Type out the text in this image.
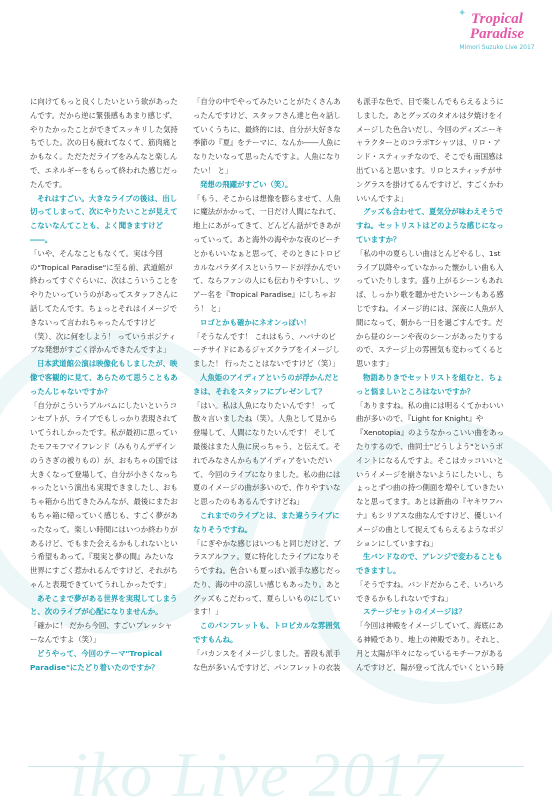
iko Live 2017
✦ Tropical Paradise
Mimori Suzuko Live 2017

に向けてもっと良くしたいという欲があったんです。だから逆に緊張感もあまり感じず、やりたかったことができてスッキリした気持ちでした。次の日も疲れてなくて、筋肉痛とかもなく。ただただライブをみんなと楽しんで、エネルギーをもらって終われた感じだったんです。

それはすごい。大きなライブの後は、出し切ってしまって、次にやりたいことが見えてこないなんてことも、よく聞きますけど――。

「いや、そんなこともなくて。実は今回の"Tropical Paradise"に至る前、武道館が終わってすぐぐらいに、次はこういうことをやりたいっていうのがあってスタッフさんに話してたんです。ちょっとそれはイメージできないって言われちゃったんですけど（笑）、次に何をしよう！ っていうポジティブな発想がすごく浮かんできたんですよ」

日本武道館公演は映像化もしましたが、映像で客観的に見て、あらためて思うこともあったんじゃないですか？

「自分がこういうアルバムにしたいというコンセプトが、ライブでもしっかり表現されていてうれしかったです。私が最初に思っていたモフモフマイフレンド（みもりんデザインのうさぎの被りもの）が、おもちゃの国では大きくなって登場して、自分が小さくなっちゃったという演出も実現できましたし、おもちゃ箱から出てきたみんなが、最後にまたおもちゃ箱に帰っていく感じも、すごく夢があったなって。楽しい時間にはいつか終わりがあるけど、でもまた会えるかもしれないという希望もあって。『現実と夢の間』みたいな世界にすごく惹かれるんですけど、それがちゃんと表現できていてうれしかったです」

あそこまで夢がある世界を実現してしまうと、次のライブが心配になりませんか。

「確かに！ だから今回、すごいプレッシャーなんですよ（笑）」

どうやって、今回のテーマ"Tropical Paradise"にたどり着いたのですか？

「自分の中でやってみたいことがたくさんあったんですけど、スタッフさん達と色々話していくうちに、最終的には、自分が大好きな季節の『夏』をテーマに、なんか――人魚になりたいなって思ったんですよ。人魚になりたい！ と」

発想の飛躍がすごい（笑）。

「もう、そこからは想像を膨らませて、人魚に魔法がかかって、一日だけ人間になれて、地上にあがってきて、どんどん話ができあがっていって。あと海外の海やかな夜のビーチとかもいいなぁと思って、そのときにトロピカルなパラダイスというワードが浮かんでいて、ならファンの人にも伝わりやすいし、ツアー名を『Tropical Paradise』にしちゃおう！ と」

ロゴとかも確かにネオンっぽい！

「そうなんです！ これはもう、ハバナのビーチサイドにあるジャズクラブをイメージしました！ 行ったことはないですけど（笑）」

人魚姫のアイディアというのが浮かんだときは、それをスタッフにプレゼンして？

「はい。私は人魚になりたいんです！ って散々言いましたね（笑）。人魚として見から登場して、人間になりたいんです！ そして最後はまた人魚に戻っちゃう、と伝えて。それでみなさんからもアイディアをいただいて、今回のライブになりました。私の曲には夏のイメージの曲が多いので、作りやすいなと思ったのもあるんですけどね」

これまでのライブとは、また違うライブになりそうですね。

「にぎやかな感じはいつもと同じだけど、ブラスアルファ。夏に特化したライブになりそうですね。色合いも夏っぽい派手な感じだったり、海の中の涼しい感じもあったり。あとグッズもこだわって、夏らしいものにしています！」

このパンフレットも、トロピカルな雰囲気ですもんね。

「バカンスをイメージしました。普段も派手な色が多いんですけど、パンフレットの衣装

も派手な色で、目で楽しんでもらえるようにしました。あとグッズのタオルは夕焼けをイメージした色合いだし、今回のディズニーキャラクターとのコラボTシャツは、リロ・アンド・スティッチなので、そこでも南国感は出ていると思います。リロとスティッチがサングラスを掛けてるんですけど、すごくかわいいんですよ」

グッズも合わせて、夏気分が味わえそうですね。セットリストはどのような感じになっていますか？

「私の中の夏らしい曲はとんどやるし、1stライブ以降やっていなかった懐かしい曲も入っていたりします。盛り上がるシーンもあれば、しっかり歌を聴かせたいシーンもある感じですね。イメージ的には、深夜に人魚が人間になって、朝から一日を過ごすんです。だから昼のシーンや夜のシーンがあったりするので、ステージ上の雰囲気も変わってくると思います」

物語ありきでセットリストを組むと、ちょっと悩ましいところはないですか？

「ありますね。私の曲には明るくてかわいい曲が多いので、『Light for Knight』や『Xenotopia』のようなかっこいい曲をあったりするので、曲同士"どうしよう"というポイントになるんですよ。そこはカッコいいというイメージを崩さないようにしたいし、ちょっとずつ曲の持つ側面を増やしていきたいなと思ってます。あとは新曲の『ヤキワフハナ』もシリアスな曲なんですけど、優しいイメージの曲として捉えてもらえるようなポジションにしていますね」

生バンドなので、アレンジで変わることもできますし。

「そうですね。バンドだからこそ、いろいろできるかもしれないですね」

ステージセットのイメージは？

「今回は神殿をイメージしていて、海底にある神殿であり、地上の神殿であり。それと、月と太陽が半々になっているモチーフがあるんですけど、陽が登って沈んでいくという時
